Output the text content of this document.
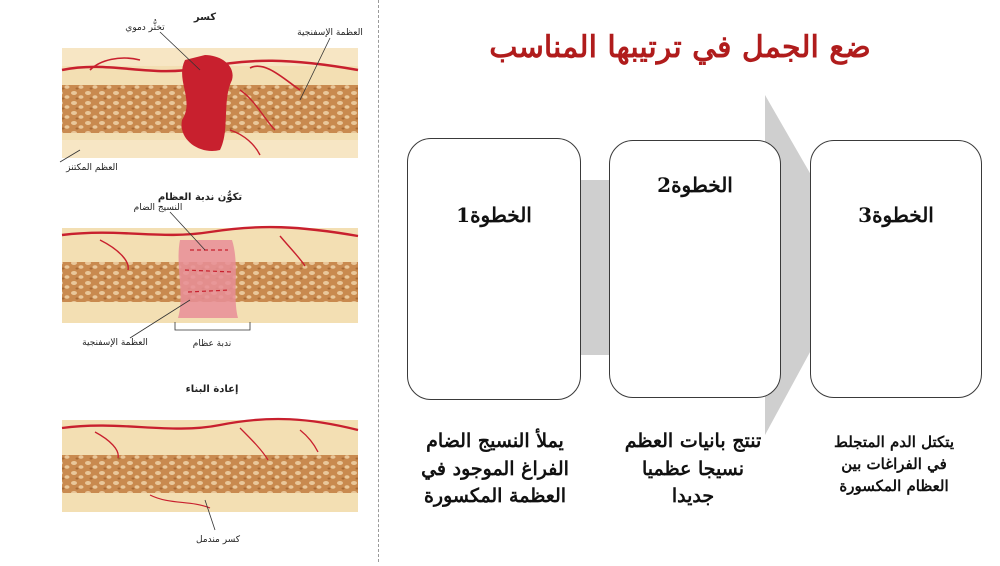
كسر
تخثُّر دموي	العظمة الإسفنجية
العظم المكتنز
تكوُّن ندبة العظام
النسيج الضام
العظمة الإسفنجية	ندبة عظام
إعادة البناء
كسر مندمل
ضع الجمل في ترتيبها المناسب
الخطوة1
الخطوة2
الخطوة3
يملأ النسيج الضام
الفراغ الموجود في
العظمة المكسورة
تنتج بانيات العظم
نسيجا عظميا
جديدا
يتكتل الدم المتجلط
في الفراغات بين
العظام المكسورة
